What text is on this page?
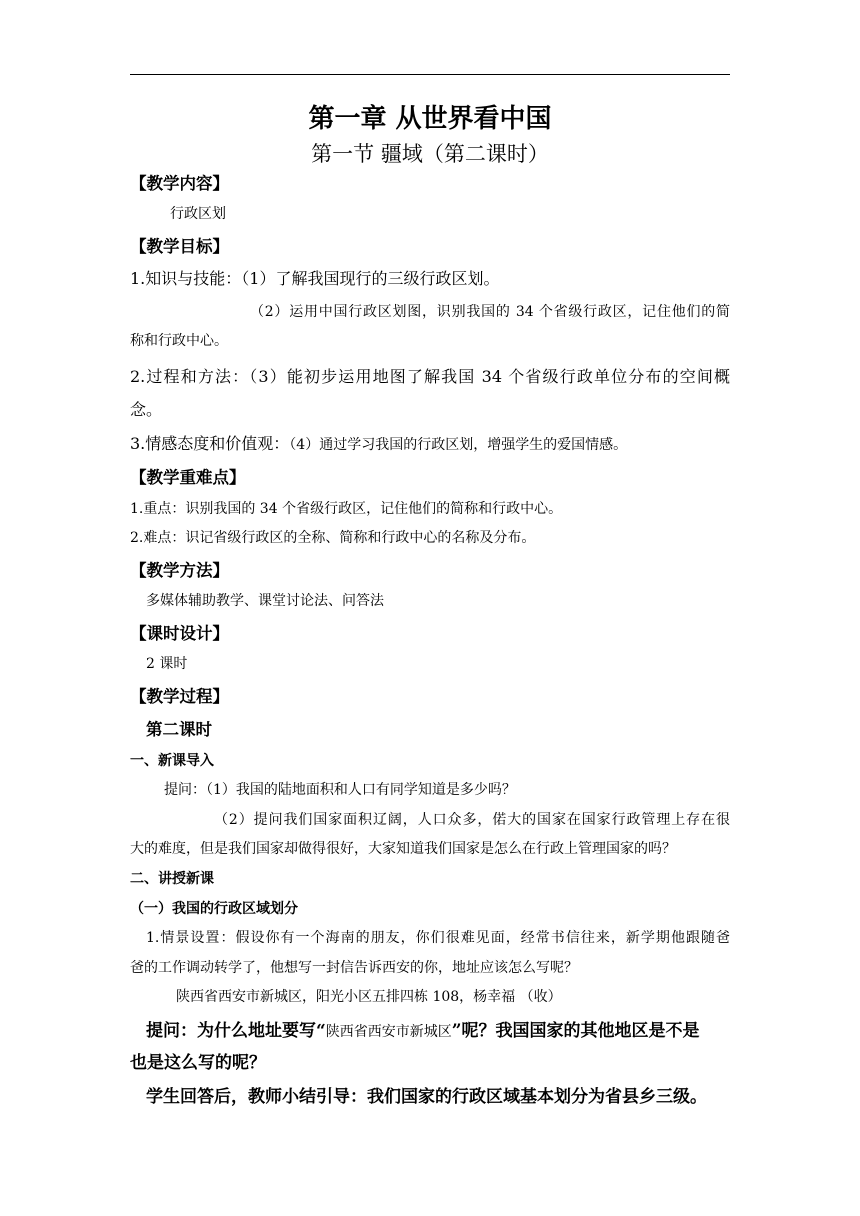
第一章 从世界看中国
第一节 疆域（第二课时）
【教学内容】
行政区划
【教学目标】
1.知识与技能：（1）了解我国现行的三级行政区划。
（2）运用中国行政区划图，识别我国的 34 个省级行政区，记住他们的简
称和行政中心。
2.过程和方法：（3）能初步运用地图了解我国 34 个省级行政单位分布的空间概
念。
3.情感态度和价值观：（4）通过学习我国的行政区划，增强学生的爱国情感。
【教学重难点】
1.重点：识别我国的 34 个省级行政区，记住他们的简称和行政中心。
2.难点：识记省级行政区的全称、简称和行政中心的名称及分布。
【教学方法】
多媒体辅助教学、课堂讨论法、问答法
【课时设计】
2 课时
【教学过程】
第二课时
一、新课导入
提问：（1）我国的陆地面积和人口有同学知道是多少吗？
（2）提问我们国家面积辽阔，人口众多，偌大的国家在国家行政管理上存在很
大的难度，但是我们国家却做得很好，大家知道我们国家是怎么在行政上管理国家的吗？
二、讲授新课
（一）我国的行政区域划分
1.情景设置：假设你有一个海南的朋友，你们很难见面，经常书信往来，新学期他跟随爸
爸的工作调动转学了，他想写一封信告诉西安的你，地址应该怎么写呢？
陕西省西安市新城区，阳光小区五排四栋 108，杨幸福 （收）
提问：为什么地址要写“陕西省西安市新城区”呢？我国国家的其他地区是不是
也是这么写的呢？
学生回答后，教师小结引导：我们国家的行政区域基本划分为省县乡三级。
